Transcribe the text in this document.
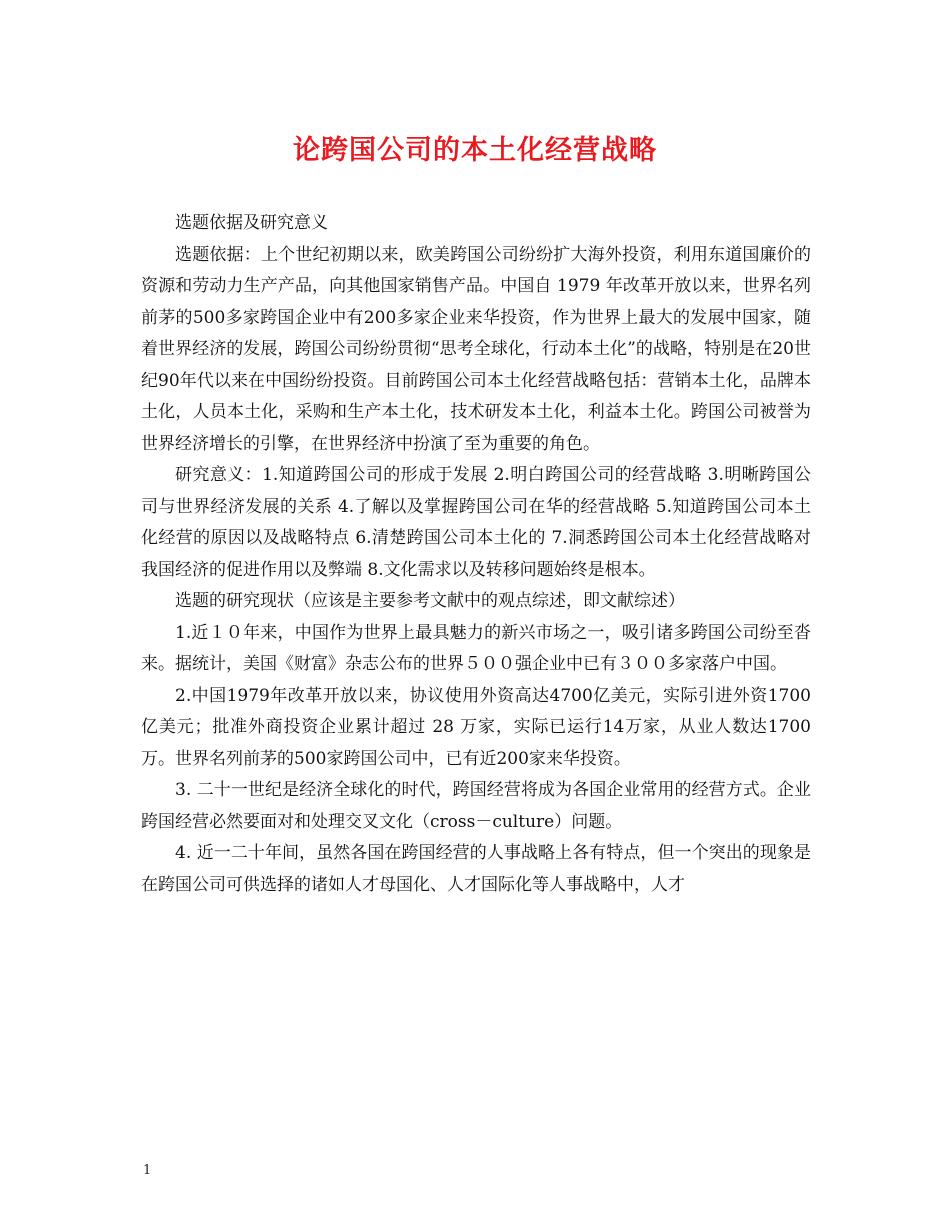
论跨国公司的本土化经营战略

选题依据及研究意义

选题依据：上个世纪初期以来，欧美跨国公司纷纷扩大海外投资，利用东道国廉价的资源和劳动力生产产品，向其他国家销售产品。中国自 1979 年改革开放以来，世界名列前茅的500多家跨国企业中有200多家企业来华投资，作为世界上最大的发展中国家，随着世界经济的发展，跨国公司纷纷贯彻“思考全球化，行动本土化”的战略，特别是在20世纪90年代以来在中国纷纷投资。目前跨国公司本土化经营战略包括：营销本土化，品牌本土化，人员本土化，采购和生产本土化，技术研发本土化，利益本土化。跨国公司被誉为世界经济增长的引擎，在世界经济中扮演了至为重要的角色。

研究意义：1.知道跨国公司的形成于发展 2.明白跨国公司的经营战略 3.明晰跨国公司与世界经济发展的关系 4.了解以及掌握跨国公司在华的经营战略 5.知道跨国公司本土化经营的原因以及战略特点 6.清楚跨国公司本土化的 7.洞悉跨国公司本土化经营战略对我国经济的促进作用以及弊端 8.文化需求以及转移问题始终是根本。

选题的研究现状（应该是主要参考文献中的观点综述，即文献综述）

1.近１０年来，中国作为世界上最具魅力的新兴市场之一，吸引诸多跨国公司纷至沓来。据统计，美国《财富》杂志公布的世界５００强企业中已有３００多家落户中国。

2.中国1979年改革开放以来，协议使用外资高达4700亿美元，实际引进外资1700亿美元；批准外商投资企业累计超过 28 万家，实际已运行14万家，从业人数达1700万。世界名列前茅的500家跨国公司中，已有近200家来华投资。

3. 二十一世纪是经济全球化的时代，跨国经营将成为各国企业常用的经营方式。企业跨国经营必然要面对和处理交叉文化（cross－culture）问题。

4. 近一二十年间，虽然各国在跨国经营的人事战略上各有特点，但一个突出的现象是在跨国公司可供选择的诸如人才母国化、人才国际化等人事战略中，人才

1
